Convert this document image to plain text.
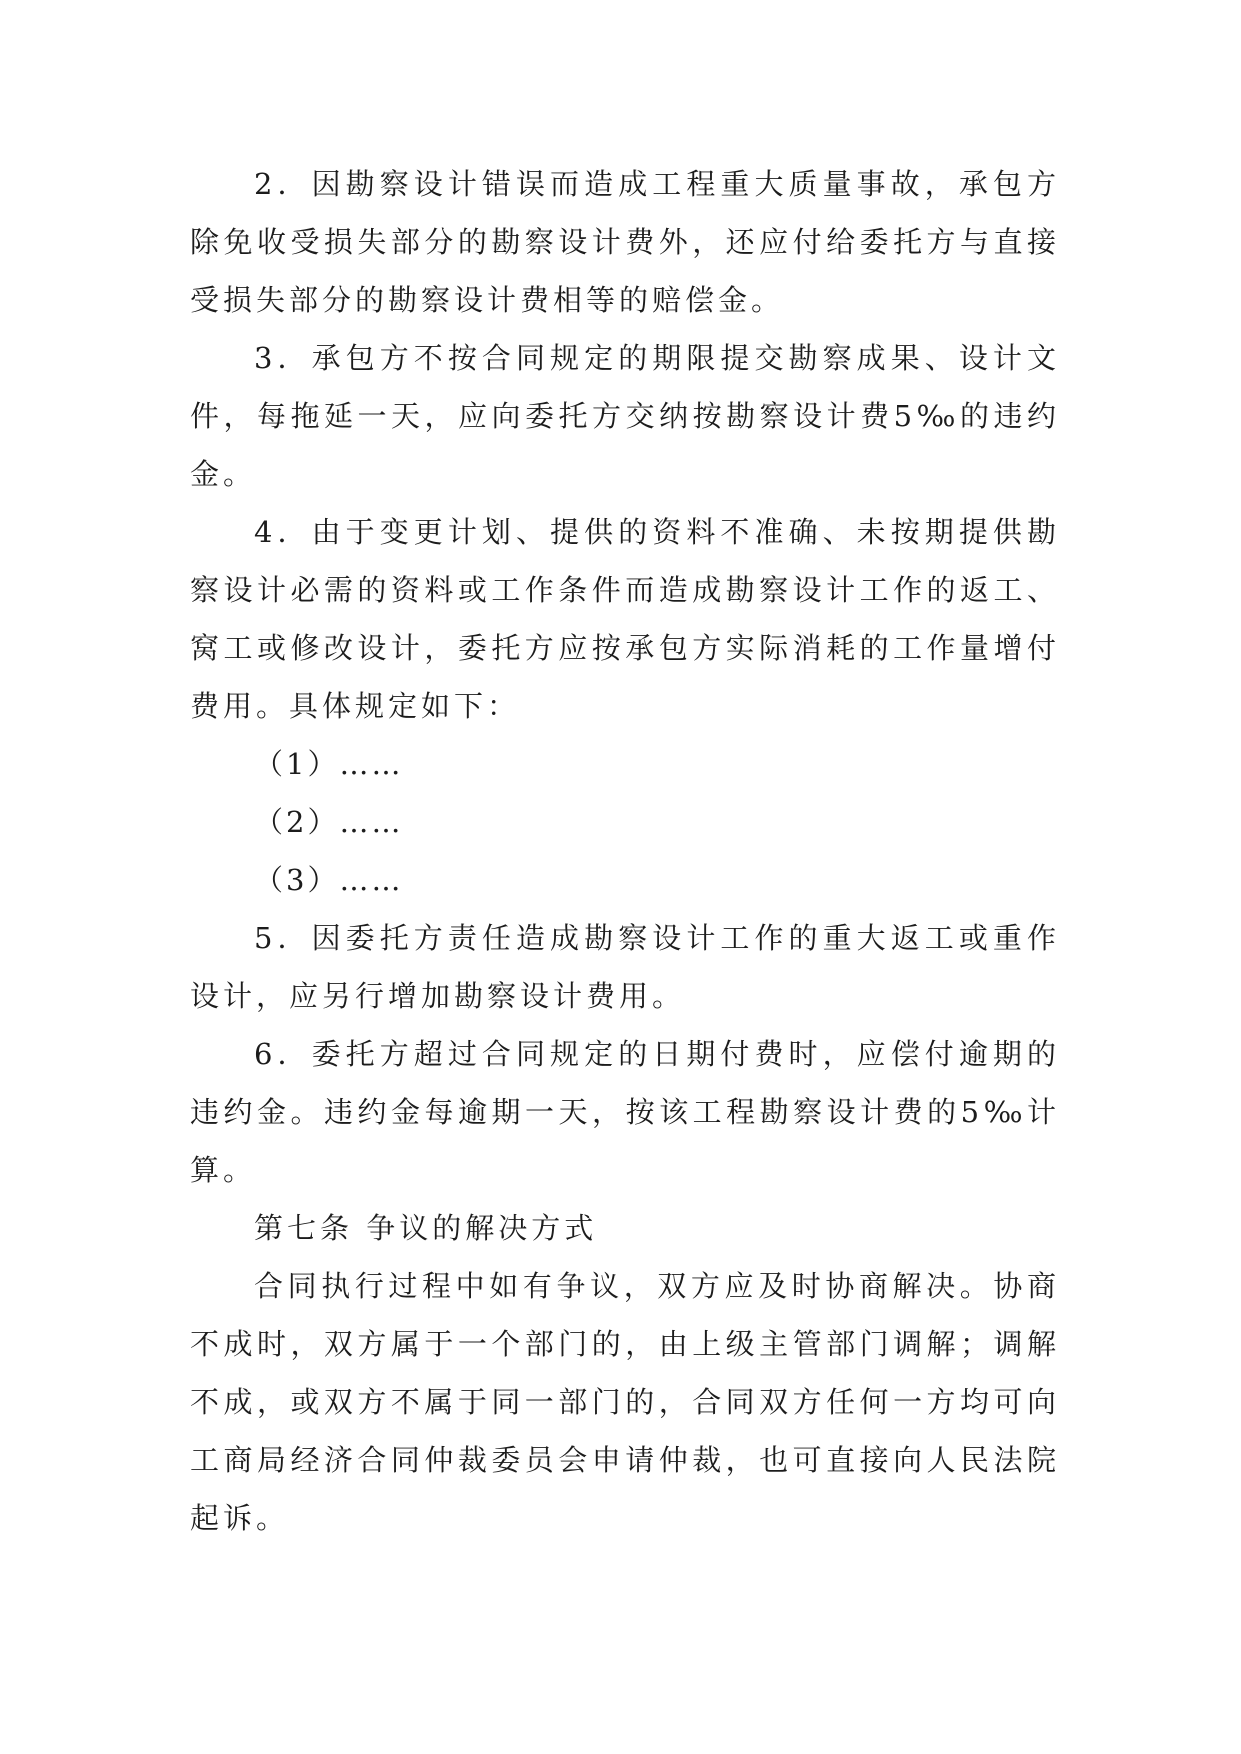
2．因勘察设计错误而造成工程重大质量事故，承包方除免收受损失部分的勘察设计费外，还应付给委托方与直接受损失部分的勘察设计费相等的赔偿金。

3．承包方不按合同规定的期限提交勘察成果、设计文件，每拖延一天，应向委托方交纳按勘察设计费5‰的违约金。

4．由于变更计划、提供的资料不准确、未按期提供勘察设计必需的资料或工作条件而造成勘察设计工作的返工、窝工或修改设计，委托方应按承包方实际消耗的工作量增付费用。具体规定如下：

（1）……

（2）……

（3）……

5．因委托方责任造成勘察设计工作的重大返工或重作设计，应另行增加勘察设计费用。

6．委托方超过合同规定的日期付费时，应偿付逾期的违约金。违约金每逾期一天，按该工程勘察设计费的5‰计算。

第七条 争议的解决方式

合同执行过程中如有争议，双方应及时协商解决。协商不成时，双方属于一个部门的，由上级主管部门调解；调解不成，或双方不属于同一部门的，合同双方任何一方均可向工商局经济合同仲裁委员会申请仲裁，也可直接向人民法院起诉。
